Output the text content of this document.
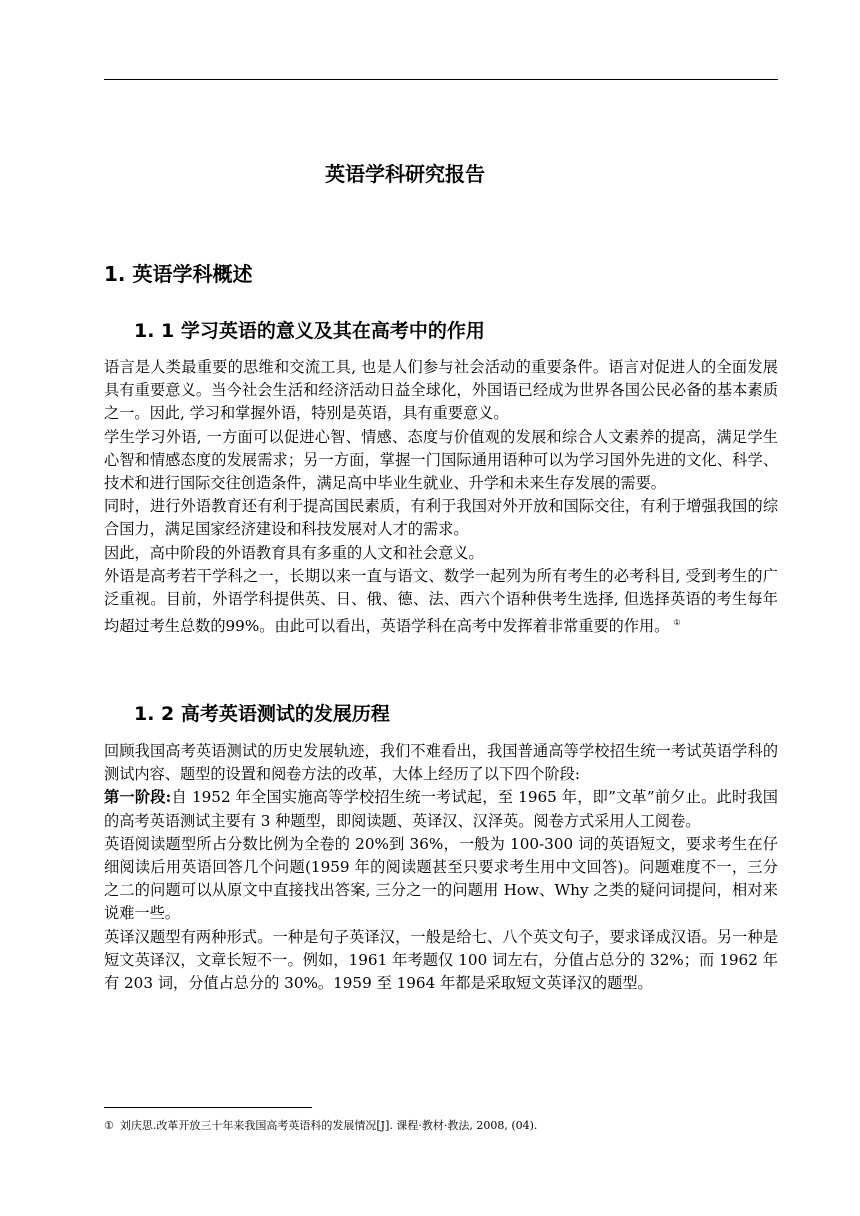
英语学科研究报告
1. 英语学科概述
1. 1 学习英语的意义及其在高考中的作用
语言是人类最重要的思维和交流工具, 也是人们参与社会活动的重要条件。语言对促进人的全面发展具有重要意义。当今社会生活和经济活动日益全球化，外国语已经成为世界各国公民必备的基本素质之一。因此, 学习和掌握外语，特别是英语，具有重要意义。
学生学习外语, 一方面可以促进心智、情感、态度与价值观的发展和综合人文素养的提高，满足学生心智和情感态度的发展需求；另一方面，掌握一门国际通用语种可以为学习国外先进的文化、科学、技术和进行国际交往创造条件，满足高中毕业生就业、升学和未来生存发展的需要。
同时，进行外语教育还有利于提高国民素质，有利于我国对外开放和国际交往，有利于增强我国的综合国力，满足国家经济建设和科技发展对人才的需求。
因此，高中阶段的外语教育具有多重的人文和社会意义。
外语是高考若干学科之一，长期以来一直与语文、数学一起列为所有考生的必考科目, 受到考生的广泛重视。目前，外语学科提供英、日、俄、德、法、西六个语种供考生选择, 但选择英语的考生每年均超过考生总数的99%。由此可以看出，英语学科在高考中发挥着非常重要的作用。 ①
1. 2 高考英语测试的发展历程
回顾我国高考英语测试的历史发展轨迹，我们不难看出，我国普通高等学校招生统一考试英语学科的测试内容、题型的设置和阅卷方法的改革，大体上经历了以下四个阶段:
第一阶段:自 1952 年全国实施高等学校招生统一考试起，至 1965 年，即”文革”前夕止。此时我国的高考英语测试主要有 3 种题型，即阅读题、英译汉、汉泽英。阅卷方式采用人工阅卷。
英语阅读题型所占分数比例为全卷的 20%到 36%，一般为 100-300 词的英语短文，要求考生在仔细阅读后用英语回答几个问题(1959 年的阅读题甚至只要求考生用中文回答)。问题难度不一，三分之二的问题可以从原文中直接找出答案, 三分之一的问题用 How、Why 之类的疑问词提问，相对来说难一些。
英译汉题型有两种形式。一种是句子英译汉，一般是给七、八个英文句子，要求译成汉语。另一种是短文英译汉，文章长短不一。例如，1961 年考题仅 100 词左右，分值占总分的 32%；而 1962 年有 203 词，分值占总分的 30%。1959 至 1964 年都是采取短文英译汉的题型。
① 刘庆思.改革开放三十年来我国高考英语科的发展情况[J]. 课程·教材·教法, 2008, (04).
